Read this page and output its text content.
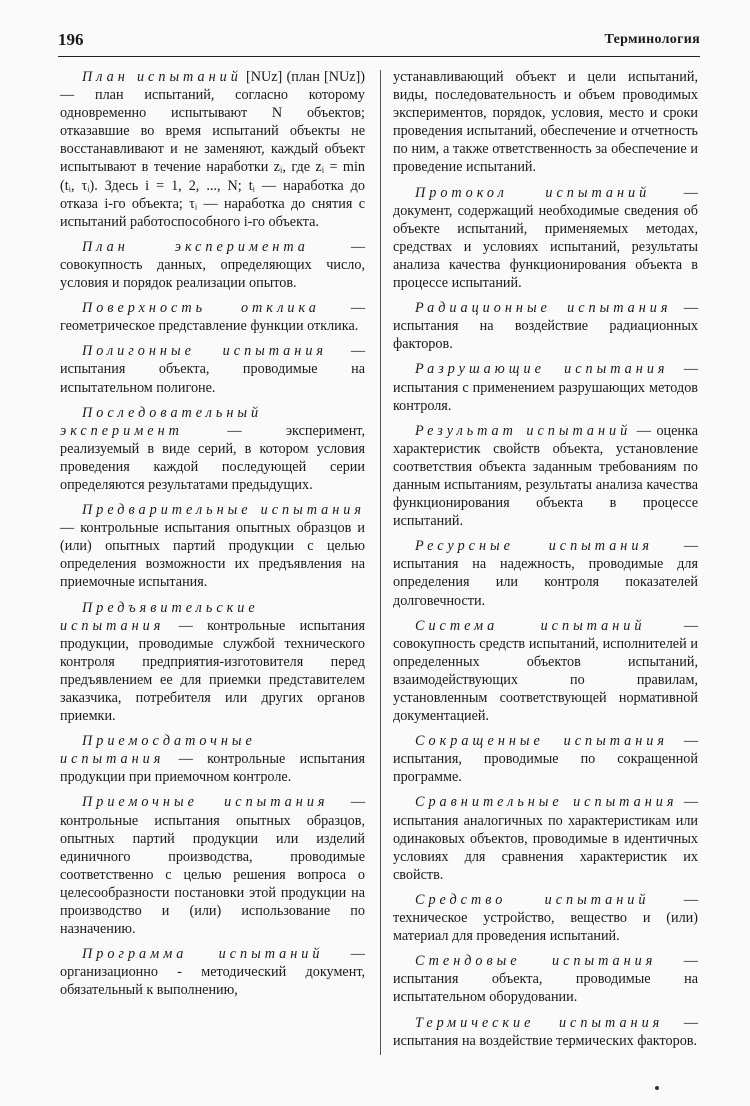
196	Терминология

План испытаний [NUz] (план [NUz]) — план испытаний, согласно которому одновременно испытывают N объектов; отказавшие во время испытаний объекты не восстанавливают и не заменяют, каждый объект испытывают в течение наработки zᵢ, где zᵢ = min (tᵢ, τᵢ). Здесь i = 1, 2, ..., N; tᵢ — наработка до отказа i-го объекта; τᵢ — наработка до снятия с испытаний работоспособного i-го объекта.

План эксперимента — совокупность данных, определяющих число, условия и порядок реализации опытов.

Поверхность отклика — геометрическое представление функции отклика.

Полигонные испытания — испытания объекта, проводимые на испытательном полигоне.

Последовательный эксперимент — эксперимент, реализуемый в виде серий, в котором условия проведения каждой последующей серии определяются результатами предыдущих.

Предварительные испытания — контрольные испытания опытных образцов и (или) опытных партий продукции с целью определения возможности их предъявления на приемочные испытания.

Предъявительские испытания — контрольные испытания продукции, проводимые службой технического контроля предприятия-изготовителя перед предъявлением ее для приемки представителем заказчика, потребителя или других органов приемки.

Приемосдаточные испытания — контрольные испытания продукции при приемочном контроле.

Приемочные испытания — контрольные испытания опытных образцов, опытных партий продукции или изделий единичного производства, проводимые соответственно с целью решения вопроса о целесообразности постановки этой продукции на производство и (или) использование по назначению.

Программа испытаний — организационно - методический документ, обязательный к выполнению,

устанавливающий объект и цели испытаний, виды, последовательность и объем проводимых экспериментов, порядок, условия, место и сроки проведения испытаний, обеспечение и отчетность по ним, а также ответственность за обеспечение и проведение испытаний.

Протокол испытаний — документ, содержащий необходимые сведения об объекте испытаний, применяемых методах, средствах и условиях испытаний, результаты анализа качества функционирования объекта в процессе испытаний.

Радиационные испытания — испытания на воздействие радиационных факторов.

Разрушающие испытания — испытания с применением разрушающих методов контроля.

Результат испытаний — оценка характеристик свойств объекта, установление соответствия объекта заданным требованиям по данным испытаниям, результаты анализа качества функционирования объекта в процессе испытаний.

Ресурсные испытания — испытания на надежность, проводимые для определения или контроля показателей долговечности.

Система испытаний — совокупность средств испытаний, исполнителей и определенных объектов испытаний, взаимодействующих по правилам, установленным соответствующей нормативной документацией.

Сокращенные испытания — испытания, проводимые по сокращенной программе.

Сравнительные испытания — испытания аналогичных по характеристикам или одинаковых объектов, проводимые в идентичных условиях для сравнения характеристик их свойств.

Средство испытаний — техническое устройство, вещество и (или) материал для проведения испытаний.

Стендовые испытания — испытания объекта, проводимые на испытательном оборудовании.

Термические испытания — испытания на воздействие термических факторов.
